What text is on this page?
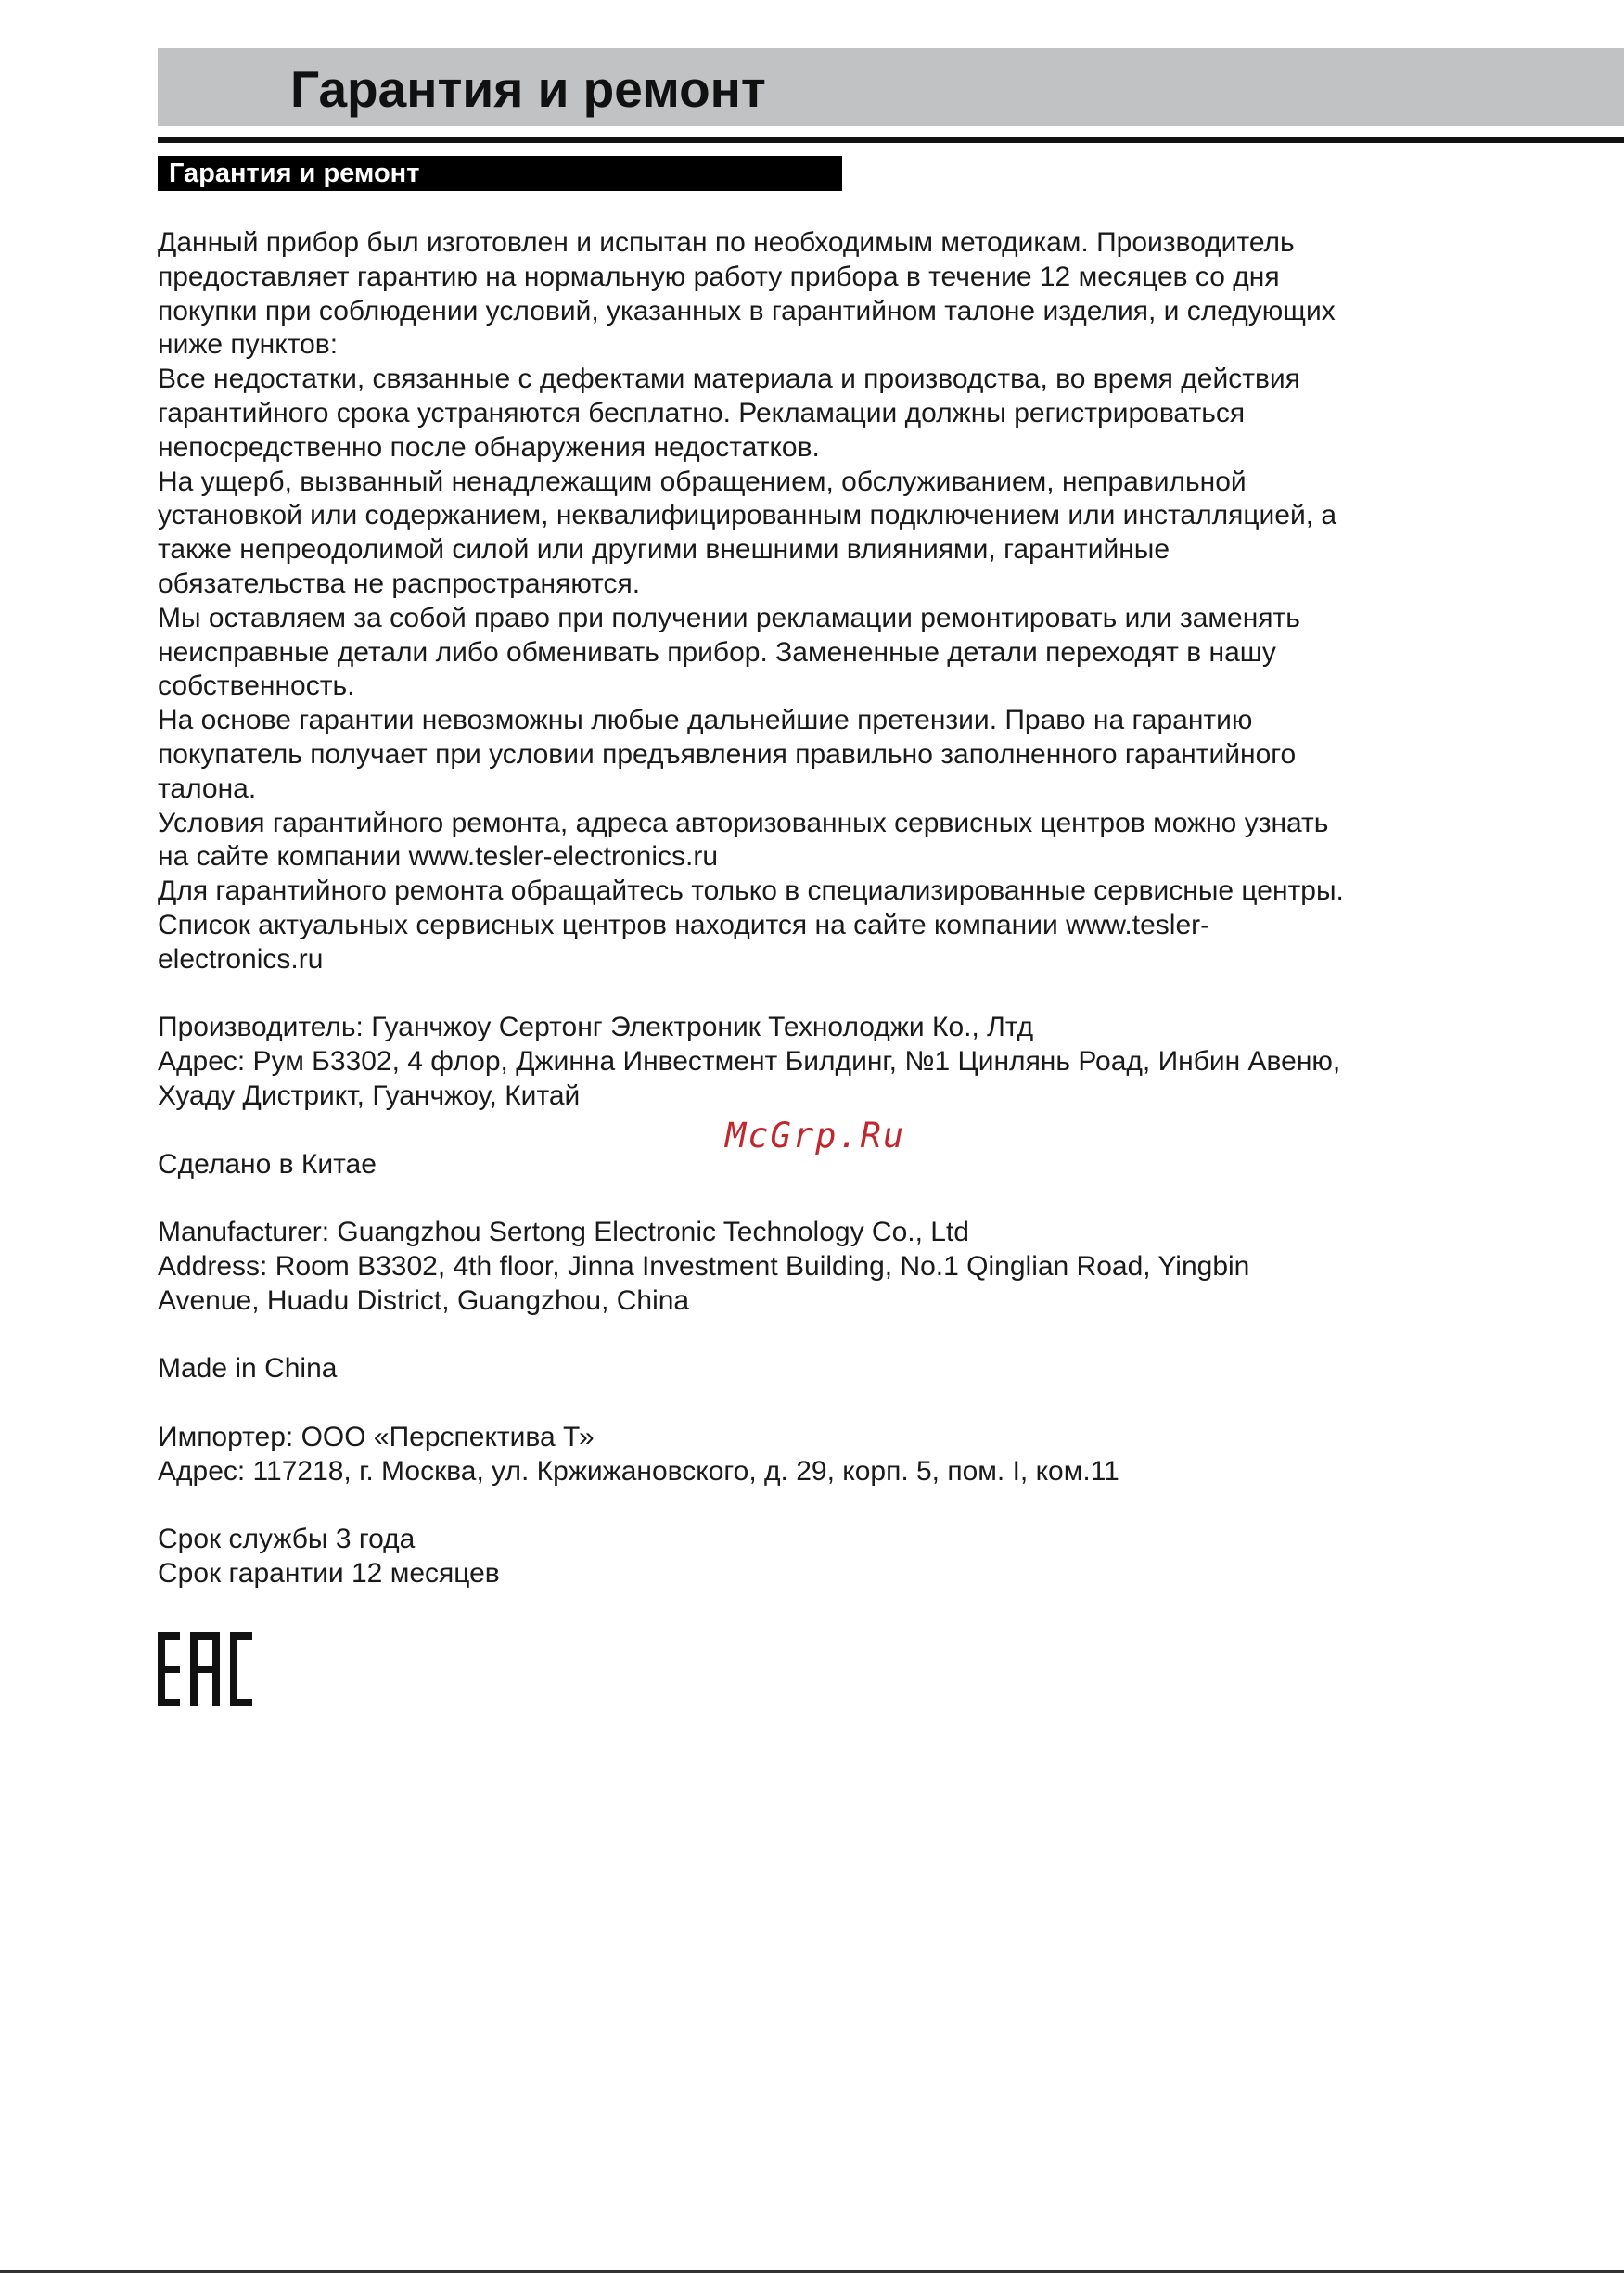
Гарантия и ремонт
Гарантия и ремонт

Данный прибор был изготовлен и испытан по необходимым методикам. Производитель

предоставляет гарантию на нормальную работу прибора в течение 12 месяцев со дня

покупки при соблюдении условий, указанных в гарантийном талоне изделия, и следующих

ниже пунктов:

Все недостатки, связанные с дефектами материала и производства, во время действия

гарантийного срока устраняются бесплатно. Рекламации должны регистрироваться

непосредственно после обнаружения недостатков.

На ущерб, вызванный ненадлежащим обращением, обслуживанием, неправильной

установкой или содержанием, неквалифицированным подключением или инсталляцией, а

также непреодолимой силой или другими внешними влияниями, гарантийные

обязательства не распространяются.

Мы оставляем за собой право при получении рекламации ремонтировать или заменять

неисправные детали либо обменивать прибор. Замененные детали переходят в нашу

собственность.

На основе гарантии невозможны любые дальнейшие претензии. Право на гарантию

покупатель получает при условии предъявления правильно заполненного гарантийного

талона.

Условия гарантийного ремонта, адреса авторизованных сервисных центров можно узнать

на сайте компании www.tesler-electronics.ru

Для гарантийного ремонта обращайтесь только в специализированные сервисные центры.

Список актуальных сервисных центров находится на сайте компании www.tesler-

electronics.ru

Производитель: Гуанчжоу Сертонг Электроник Технолоджи Ко., Лтд

Адрес: Рум Б3302, 4 флор, Джинна Инвестмент Билдинг, №1 Цинлянь Роад, Инбин Авеню,

Хуаду Дистрикт, Гуанчжоу, Китай

Сделано в Китае

Manufacturer: Guangzhou Sertong Electronic Technology Co., Ltd

Address: Room B3302, 4th floor, Jinna Investment Building, No.1 Qinglian Road, Yingbin

Avenue, Huadu District, Guangzhou, China

Made in China

Импортер: ООО «Перспектива Т»

Адрес: 117218, г. Москва, ул. Кржижановского, д. 29, корп. 5, пом. I, ком.11

Срок службы 3 года

Срок гарантии 12 месяцев

McGrp.Ru
